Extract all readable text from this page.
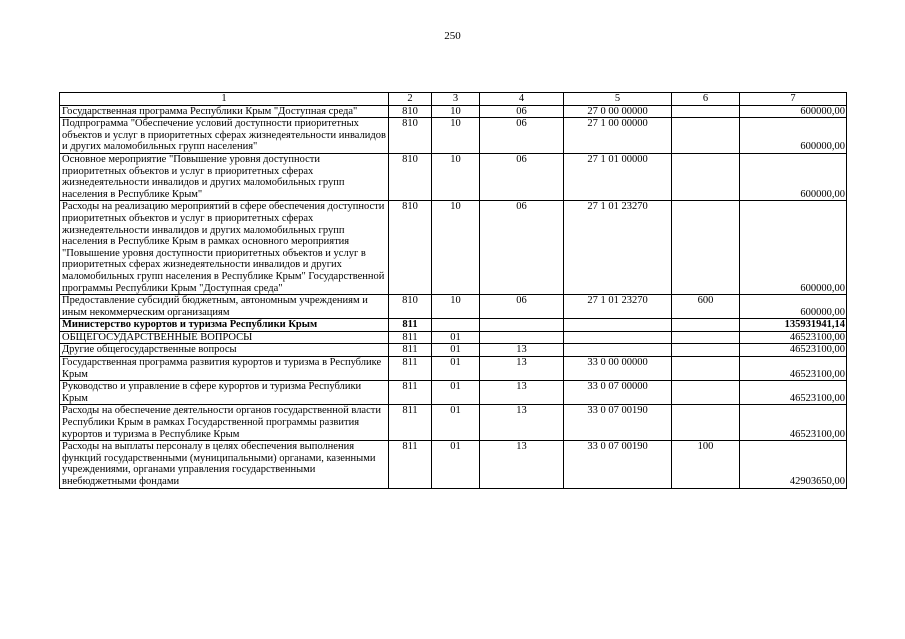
250
1	2	3	4	5	6	7
Государственная программа Республики Крым "Доступная среда"	810	10	06	27 0 00 00000		600000,00
Подпрограмма "Обеспечение условий доступности приоритетных объектов и услуг в приоритетных сферах жизнедеятельности инвалидов и других маломобильных групп населения"	810	10	06	27 1 00 00000		600000,00
Основное мероприятие "Повышение уровня доступности приоритетных объектов и услуг в приоритетных сферах жизнедеятельности инвалидов и других маломобильных групп населения в Республике Крым"	810	10	06	27 1 01 00000		600000,00
Расходы на реализацию мероприятий в сфере обеспечения доступности приоритетных объектов и услуг в приоритетных сферах жизнедеятельности инвалидов и других маломобильных групп населения в Республике Крым в рамках основного мероприятия "Повышение уровня доступности приоритетных объектов и услуг в приоритетных сферах жизнедеятельности инвалидов и других маломобильных групп населения в Республике Крым" Государственной программы Республики Крым "Доступная среда"	810	10	06	27 1 01 23270		600000,00
Предоставление субсидий бюджетным, автономным учреждениям и иным некоммерческим организациям	810	10	06	27 1 01 23270	600	600000,00
Министерство курортов и туризма Республики Крым	811					135931941,14
ОБЩЕГОСУДАРСТВЕННЫЕ ВОПРОСЫ	811	01				46523100,00
Другие общегосударственные вопросы	811	01	13			46523100,00
Государственная программа развития курортов и туризма в Республике Крым	811	01	13	33 0 00 00000		46523100,00
Руководство и управление в сфере курортов и туризма Республики Крым	811	01	13	33 0 07 00000		46523100,00
Расходы на обеспечение деятельности органов государственной власти Республики Крым в рамках Государственной программы развития курортов и туризма в Республике Крым	811	01	13	33 0 07 00190		46523100,00
Расходы на выплаты персоналу в целях обеспечения выполнения функций государственными (муниципальными) органами, казенными учреждениями, органами управления государственными внебюджетными фондами	811	01	13	33 0 07 00190	100	42903650,00
